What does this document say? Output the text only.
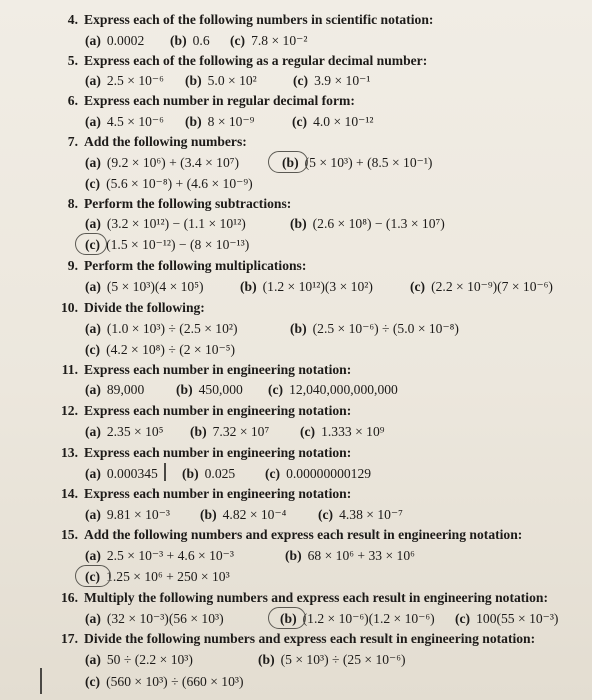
4. Express each of the following numbers in scientific notation:
(a) 0.0002 (b) 0.6 (c) 7.8 × 10⁻²
5. Express each of the following as a regular decimal number:
(a) 2.5 × 10⁻⁶ (b) 5.0 × 10²	(c) 3.9 × 10⁻¹
6. Express each number in regular decimal form:
(a) 4.5 × 10⁻⁶ (b) 8 × 10⁻⁹	(c) 4.0 × 10⁻¹²
7. Add the following numbers:
(a) (9.2 × 10⁶) + (3.4 × 10⁷)	(b) (5 × 10³) + (8.5 × 10⁻¹)
(c) (5.6 × 10⁻⁸) + (4.6 × 10⁻⁹)
8. Perform the following subtractions:
(a) (3.2 × 10¹²) − (1.1 × 10¹²)	(b) (2.6 × 10⁸) − (1.3 × 10⁷)
(c) (1.5 × 10⁻¹²) − (8 × 10⁻¹³)
9. Perform the following multiplications:
(a) (5 × 10³)(4 × 10⁵)	(b) (1.2 × 10¹²)(3 × 10²)	(c) (2.2 × 10⁻⁹)(7 × 10⁻⁶)
10. Divide the following:
(a) (1.0 × 10³) ÷ (2.5 × 10²)	(b) (2.5 × 10⁻⁶) ÷ (5.0 × 10⁻⁸)
(c) (4.2 × 10⁸) ÷ (2 × 10⁻⁵)
11. Express each number in engineering notation:
(a) 89,000 (b) 450,000 (c) 12,040,000,000,000
12. Express each number in engineering notation:
(a) 2.35 × 10⁵ (b) 7.32 × 10⁷ (c) 1.333 × 10⁹
13. Express each number in engineering notation:
(a) 0.000345 (b) 0.025 (c) 0.00000000129
14. Express each number in engineering notation:
(a) 9.81 × 10⁻³ (b) 4.82 × 10⁻⁴ (c) 4.38 × 10⁻⁷
15. Add the following numbers and express each result in engineering notation:
(a) 2.5 × 10⁻³ + 4.6 × 10⁻³	(b) 68 × 10⁶ + 33 × 10⁶
(c) 1.25 × 10⁶ + 250 × 10³
16. Multiply the following numbers and express each result in engineering notation:
(a) (32 × 10⁻³)(56 × 10³)	(b) (1.2 × 10⁻⁶)(1.2 × 10⁻⁶) (c) 100(55 × 10⁻³)
17. Divide the following numbers and express each result in engineering notation:
(a) 50 ÷ (2.2 × 10³)	(b) (5 × 10³) ÷ (25 × 10⁻⁶)
(c) (560 × 10³) ÷ (660 × 10³)
